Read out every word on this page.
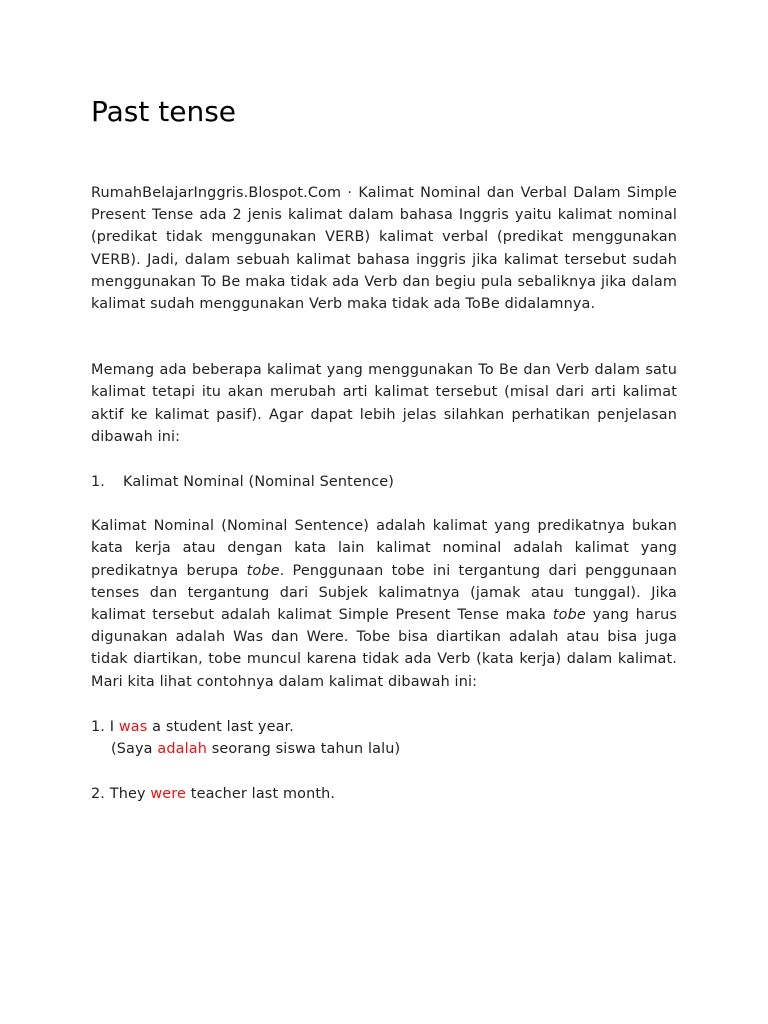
Past tense

RumahBelajarInggris.Blospot.Com · Kalimat Nominal dan Verbal Dalam Simple Present Tense ada 2 jenis kalimat dalam bahasa Inggris yaitu kalimat nominal (predikat tidak menggunakan VERB) kalimat verbal (predikat menggunakan VERB). Jadi, dalam sebuah kalimat bahasa inggris jika kalimat tersebut sudah menggunakan To Be maka tidak ada Verb dan begiu pula sebaliknya jika dalam kalimat sudah menggunakan Verb maka tidak ada ToBe didalamnya.

Memang ada beberapa kalimat yang menggunakan To Be dan Verb dalam satu kalimat tetapi itu akan merubah arti kalimat tersebut (misal dari arti kalimat aktif ke kalimat pasif). Agar dapat lebih jelas silahkan perhatikan penjelasan dibawah ini:

1. Kalimat Nominal (Nominal Sentence)

Kalimat Nominal (Nominal Sentence) adalah kalimat yang predikatnya bukan kata kerja atau dengan kata lain kalimat nominal adalah kalimat yang predikatnya berupa tobe. Penggunaan tobe ini tergantung dari penggunaan tenses dan tergantung dari Subjek kalimatnya (jamak atau tunggal). Jika kalimat tersebut adalah kalimat Simple Present Tense maka tobe yang harus digunakan adalah Was dan Were. Tobe bisa diartikan adalah atau bisa juga tidak diartikan, tobe muncul karena tidak ada Verb (kata kerja) dalam kalimat. Mari kita lihat contohnya dalam kalimat dibawah ini:

1. I was a student last year.

(Saya adalah seorang siswa tahun lalu)

2. They were teacher last month.
